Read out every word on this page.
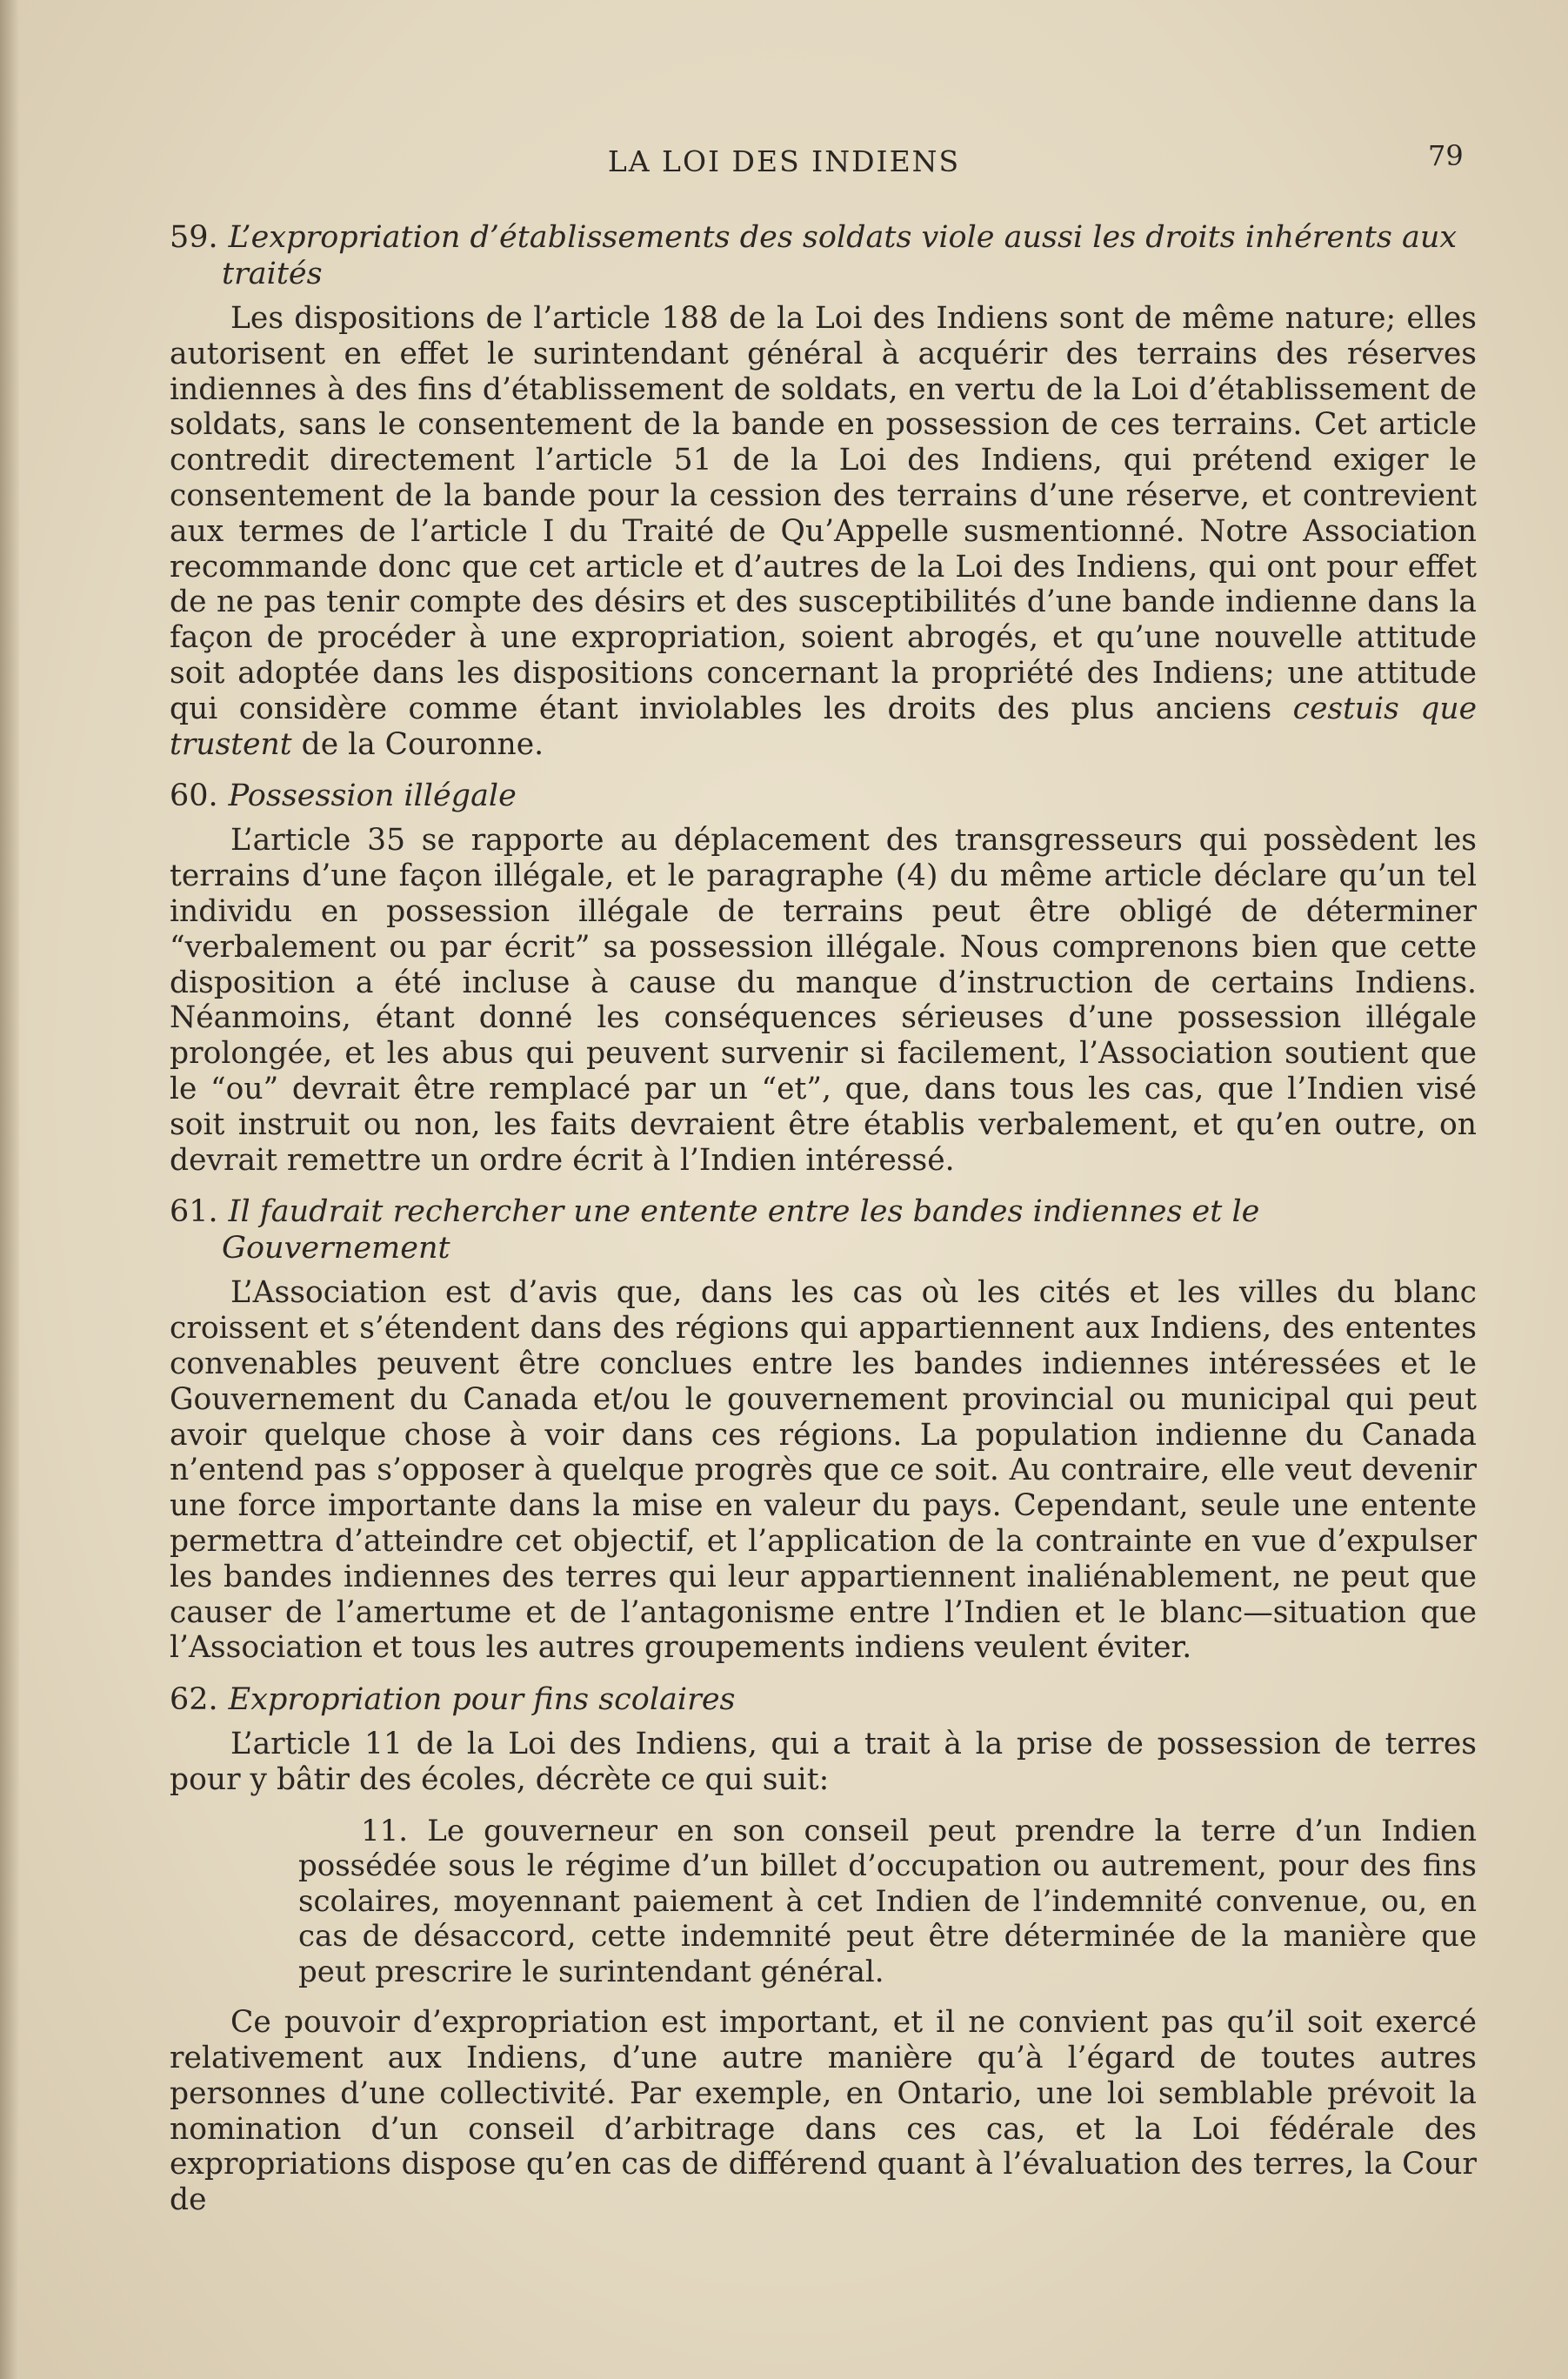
LA LOI DES INDIENS	79
59. L’expropriation d’établissements des soldats viole aussi les droits inhérents aux traités

Les dispositions de l’article 188 de la Loi des Indiens sont de même nature; elles autorisent en effet le surintendant général à acquérir des terrains des réserves indiennes à des fins d’établissement de soldats, en vertu de la Loi d’établissement de soldats, sans le consentement de la bande en possession de ces terrains. Cet article contredit directement l’article 51 de la Loi des Indiens, qui prétend exiger le consentement de la bande pour la cession des terrains d’une réserve, et contrevient aux termes de l’article I du Traité de Qu’Appelle susmentionné. Notre Association recommande donc que cet article et d’autres de la Loi des Indiens, qui ont pour effet de ne pas tenir compte des désirs et des susceptibilités d’une bande indienne dans la façon de procéder à une expropriation, soient abrogés, et qu’une nouvelle attitude soit adoptée dans les dispositions concernant la propriété des Indiens; une attitude qui considère comme étant inviolables les droits des plus anciens cestuis que trustent de la Couronne.

60. Possession illégale

L’article 35 se rapporte au déplacement des transgresseurs qui possèdent les terrains d’une façon illégale, et le paragraphe (4) du même article déclare qu’un tel individu en possession illégale de terrains peut être obligé de déterminer “verbalement ou par écrit” sa possession illégale. Nous comprenons bien que cette disposition a été incluse à cause du manque d’instruction de certains Indiens. Néanmoins, étant donné les conséquences sérieuses d’une possession illégale prolongée, et les abus qui peuvent survenir si facilement, l’Association soutient que le “ou” devrait être remplacé par un “et”, que, dans tous les cas, que l’Indien visé soit instruit ou non, les faits devraient être établis verbalement, et qu’en outre, on devrait remettre un ordre écrit à l’Indien intéressé.

61. Il faudrait rechercher une entente entre les bandes indiennes et le Gouvernement

L’Association est d’avis que, dans les cas où les cités et les villes du blanc croissent et s’étendent dans des régions qui appartiennent aux Indiens, des ententes convenables peuvent être conclues entre les bandes indiennes intéressées et le Gouvernement du Canada et/ou le gouvernement provincial ou municipal qui peut avoir quelque chose à voir dans ces régions. La population indienne du Canada n’entend pas s’opposer à quelque progrès que ce soit. Au contraire, elle veut devenir une force importante dans la mise en valeur du pays. Cependant, seule une entente permettra d’atteindre cet objectif, et l’application de la contrainte en vue d’expulser les bandes indiennes des terres qui leur appartiennent inaliénablement, ne peut que causer de l’amertume et de l’antagonisme entre l’Indien et le blanc—situation que l’Association et tous les autres groupements indiens veulent éviter.

62. Expropriation pour fins scolaires

L’article 11 de la Loi des Indiens, qui a trait à la prise de possession de terres pour y bâtir des écoles, décrète ce qui suit:

11. Le gouverneur en son conseil peut prendre la terre d’un Indien possédée sous le régime d’un billet d’occupation ou autrement, pour des fins scolaires, moyennant paiement à cet Indien de l’indemnité convenue, ou, en cas de désaccord, cette indemnité peut être déterminée de la manière que peut prescrire le surintendant général.

Ce pouvoir d’expropriation est important, et il ne convient pas qu’il soit exercé relativement aux Indiens, d’une autre manière qu’à l’égard de toutes autres personnes d’une collectivité. Par exemple, en Ontario, une loi semblable prévoit la nomination d’un conseil d’arbitrage dans ces cas, et la Loi fédérale des expropriations dispose qu’en cas de différend quant à l’évaluation des terres, la Cour de
